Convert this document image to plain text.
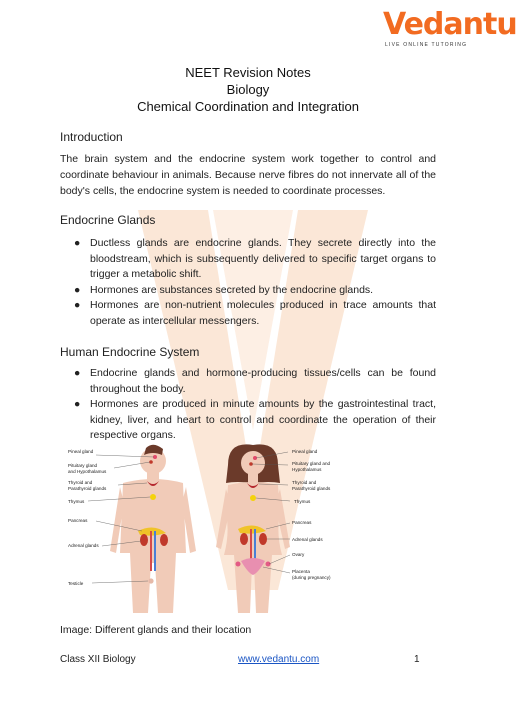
Vedantu
LIVE ONLINE TUTORING
NEET Revision Notes
Biology
Chemical Coordination and Integration
Introduction
The brain system and the endocrine system work together to control and
coordinate behaviour in animals. Because nerve fibres do not innervate all of the
body's cells, the endocrine system is needed to coordinate processes.
Endocrine Glands
● Ductless glands are endocrine glands. They secrete directly into the bloodstream, which is subsequently delivered to specific target organs to trigger a metabolic shift.
● Hormones are substances secreted by the endocrine glands.
● Hormones are non-nutrient molecules produced in trace amounts that operate as intercellular messengers.
Human Endocrine System
● Endocrine glands and hormone-producing tissues/cells can be found throughout the body.
● Hormones are produced in minute amounts by the gastrointestinal tract, kidney, liver, and heart to control and coordinate the operation of their respective organs.
Pineal gland
Pituitary gland
and Hypothalamus
Thyroid and
Parathyroid glands
Thymus
Pancreas
Adrenal glands
Testicle
Pineal gland
Pituitary gland and
Hypothalamus
Thyroid and
Parathyroid glands
Thymus
Pancreas
Adrenal glands
Ovary
Placenta
(during pregnancy)
Image: Different glands and their location
Class XII Biology	www.vedantu.com	1
